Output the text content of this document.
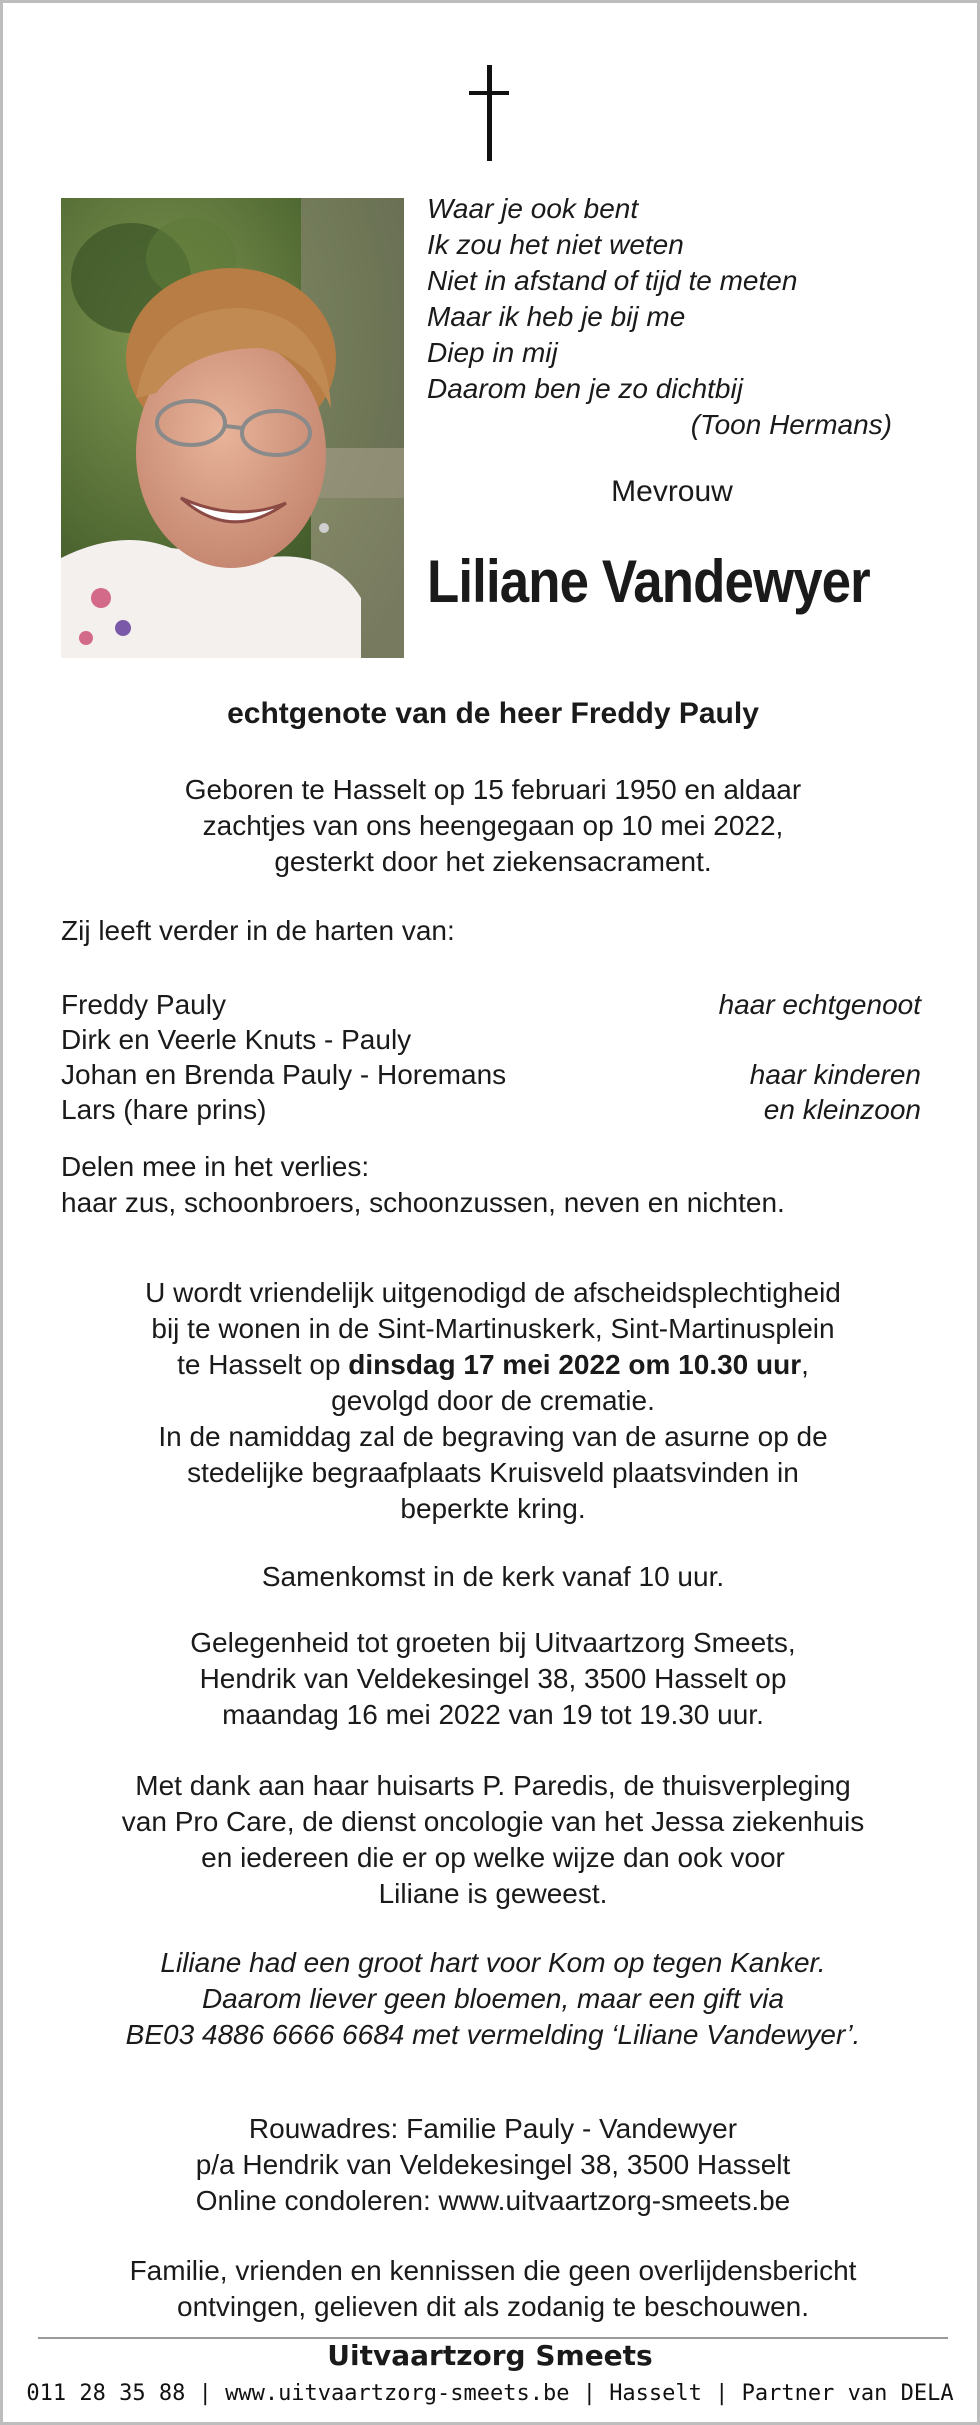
Waar je ook bent
Ik zou het niet weten
Niet in afstand of tijd te meten
Maar ik heb je bij me
Diep in mij
Daarom ben je zo dichtbij
(Toon Hermans)
Mevrouw
Liliane Vandewyer
echtgenote van de heer Freddy Pauly
Geboren te Hasselt op 15 februari 1950 en aldaar
zachtjes van ons heengegaan op 10 mei 2022,
gesterkt door het ziekensacrament.
Zij leeft verder in de harten van:
Freddy Pauly	haar echtgenoot
Dirk en Veerle Knuts - Pauly
Johan en Brenda Pauly - Horemans	haar kinderen
Lars (hare prins)	en kleinzoon
Delen mee in het verlies:
haar zus, schoonbroers, schoonzussen, neven en nichten.
U wordt vriendelijk uitgenodigd de afscheidsplechtigheid
bij te wonen in de Sint-Martinuskerk, Sint-Martinusplein
te Hasselt op dinsdag 17 mei 2022 om 10.30 uur,
gevolgd door de crematie.
In de namiddag zal de begraving van de asurne op de
stedelijke begraafplaats Kruisveld plaatsvinden in
beperkte kring.
Samenkomst in de kerk vanaf 10 uur.
Gelegenheid tot groeten bij Uitvaartzorg Smeets,
Hendrik van Veldekesingel 38, 3500 Hasselt op
maandag 16 mei 2022 van 19 tot 19.30 uur.
Met dank aan haar huisarts P. Paredis, de thuisverpleging
van Pro Care, de dienst oncologie van het Jessa ziekenhuis
en iedereen die er op welke wijze dan ook voor
Liliane is geweest.
Liliane had een groot hart voor Kom op tegen Kanker.
Daarom liever geen bloemen, maar een gift via
BE03 4886 6666 6684 met vermelding ‘Liliane Vandewyer’.
Rouwadres: Familie Pauly - Vandewyer
p/a Hendrik van Veldekesingel 38, 3500 Hasselt
Online condoleren: www.uitvaartzorg-smeets.be
Familie, vrienden en kennissen die geen overlijdensbericht
ontvingen, gelieven dit als zodanig te beschouwen.
Uitvaartzorg Smeets
011 28 35 88 | www.uitvaartzorg-smeets.be | Hasselt | Partner van DELA
